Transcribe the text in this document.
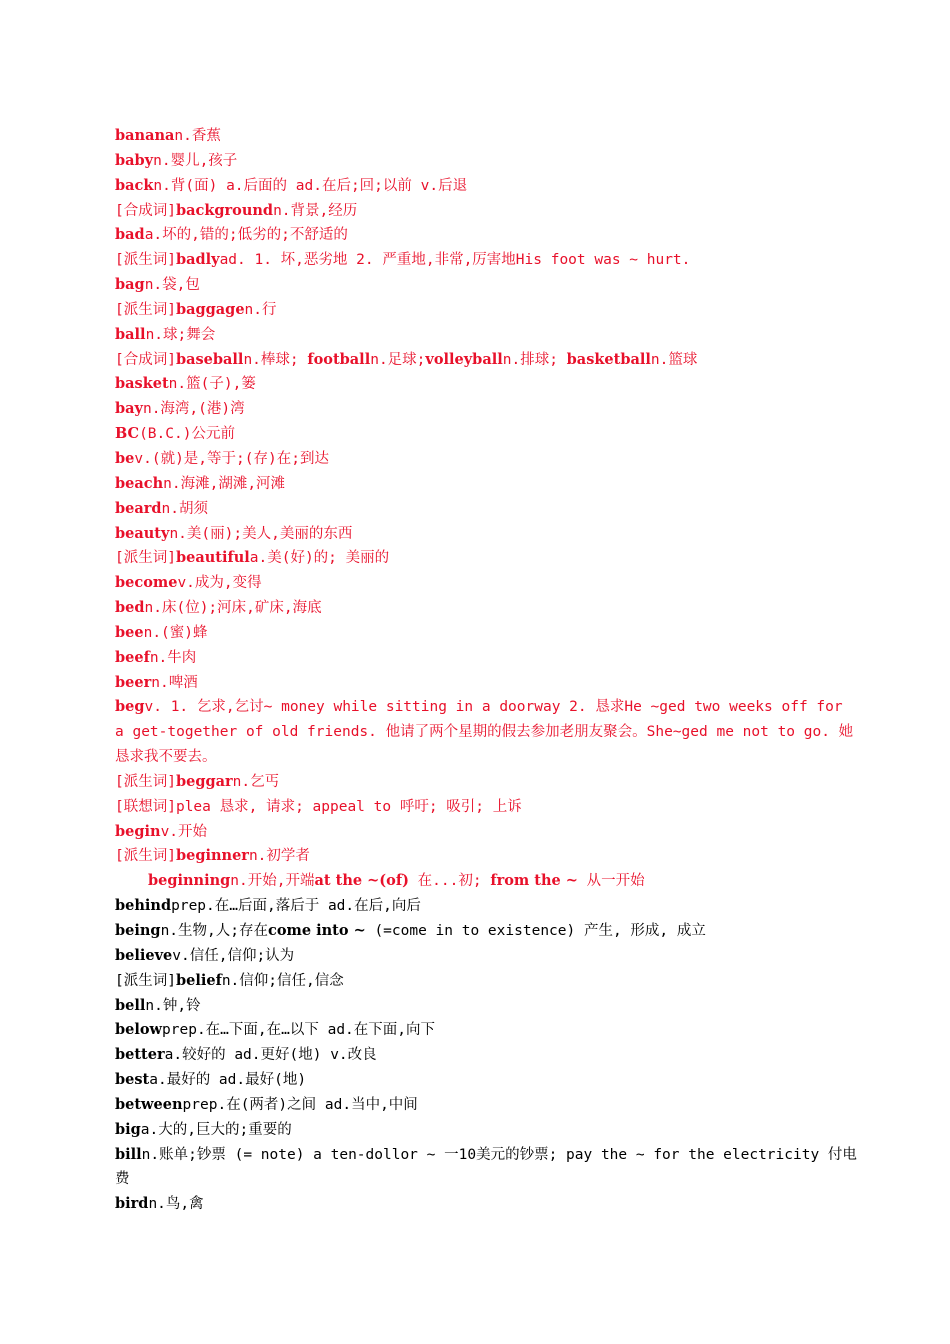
bananan.香蕉
babyn.婴儿,孩子
backn.背(面) a.后面的 ad.在后;回;以前 v.后退
[合成词]backgroundn.背景,经历
bada.坏的,错的;低劣的;不舒适的
[派生词]badlyad. 1. 坏,恶劣地 2. 严重地,非常,厉害地His foot was ~ hurt.
bagn.袋,包
[派生词]baggagen.行
balln.球;舞会
[合成词]baseballn.棒球; footballn.足球;volleyballn.排球; basketballn.篮球
basketn.篮(子),篓
bayn.海湾,(港)湾
BC(B.C.)公元前
bev.(就)是,等于;(存)在;到达
beachn.海滩,湖滩,河滩
beardn.胡须
beautyn.美(丽);美人,美丽的东西
[派生词]beautifula.美(好)的; 美丽的
becomev.成为,变得
bedn.床(位);河床,矿床,海底
been.(蜜)蜂
beefn.牛肉
beern.啤酒
begv. 1. 乞求,乞讨~ money while sitting in a doorway 2. 恳求He ~ged two weeks off for a get-together of old friends. 他请了两个星期的假去参加老朋友聚会。She~ged me not to go. 她恳求我不要去。
[派生词]beggarn.乞丐
[联想词]plea 恳求, 请求; appeal to 呼吁; 吸引; 上诉
beginv.开始
[派生词]beginnern.初学者
beginningn.开始,开端at the ~(of) 在...初; from the ~ 从一开始
behindprep.在…后面,落后于 ad.在后,向后
beingn.生物,人;存在come into ~ (=come in to existence) 产生, 形成, 成立
believev.信任,信仰;认为
[派生词]beliefn.信仰;信任,信念
belln.钟,铃
belowprep.在…下面,在…以下 ad.在下面,向下
bettera.较好的 ad.更好(地) v.改良
besta.最好的 ad.最好(地)
betweenprep.在(两者)之间 ad.当中,中间
biga.大的,巨大的;重要的
billn.账单;钞票 (= note) a ten-dollor ~ 一10美元的钞票; pay the ~ for the electricity 付电费
birdn.鸟,禽
